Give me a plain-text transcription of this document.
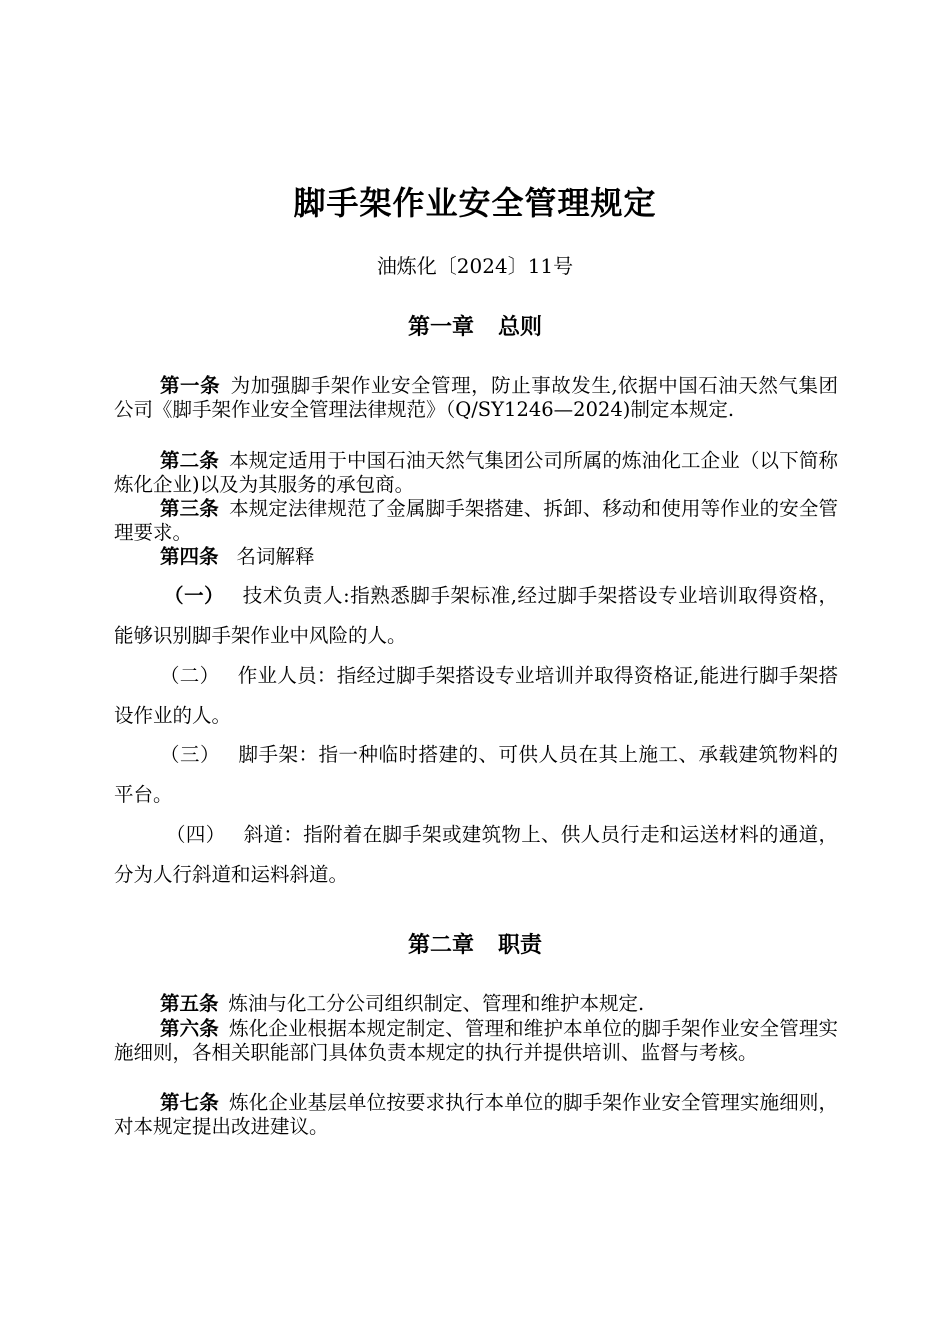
脚手架作业安全管理规定
油炼化〔2024〕11号
第一章 总则
第一条 为加强脚手架作业安全管理，防止事故发生,依据中国石油天然气集团公司《脚手架作业安全管理法律规范》（Q/SY1246—2024)制定本规定.
第二条 本规定适用于中国石油天然气集团公司所属的炼油化工企业（以下简称炼化企业)以及为其服务的承包商。
第三条 本规定法律规范了金属脚手架搭建、拆卸、移动和使用等作业的安全管理要求。
第四条 名词解释
（一） 技术负责人:指熟悉脚手架标准,经过脚手架搭设专业培训取得资格，能够识别脚手架作业中风险的人。
（二） 作业人员：指经过脚手架搭设专业培训并取得资格证,能进行脚手架搭设作业的人。
（三） 脚手架：指一种临时搭建的、可供人员在其上施工、承载建筑物料的平台。
（四） 斜道：指附着在脚手架或建筑物上、供人员行走和运送材料的通道，分为人行斜道和运料斜道。
第二章 职责
第五条 炼油与化工分公司组织制定、管理和维护本规定.
第六条 炼化企业根据本规定制定、管理和维护本单位的脚手架作业安全管理实施细则，各相关职能部门具体负责本规定的执行并提供培训、监督与考核。
第七条 炼化企业基层单位按要求执行本单位的脚手架作业安全管理实施细则，对本规定提出改进建议。
